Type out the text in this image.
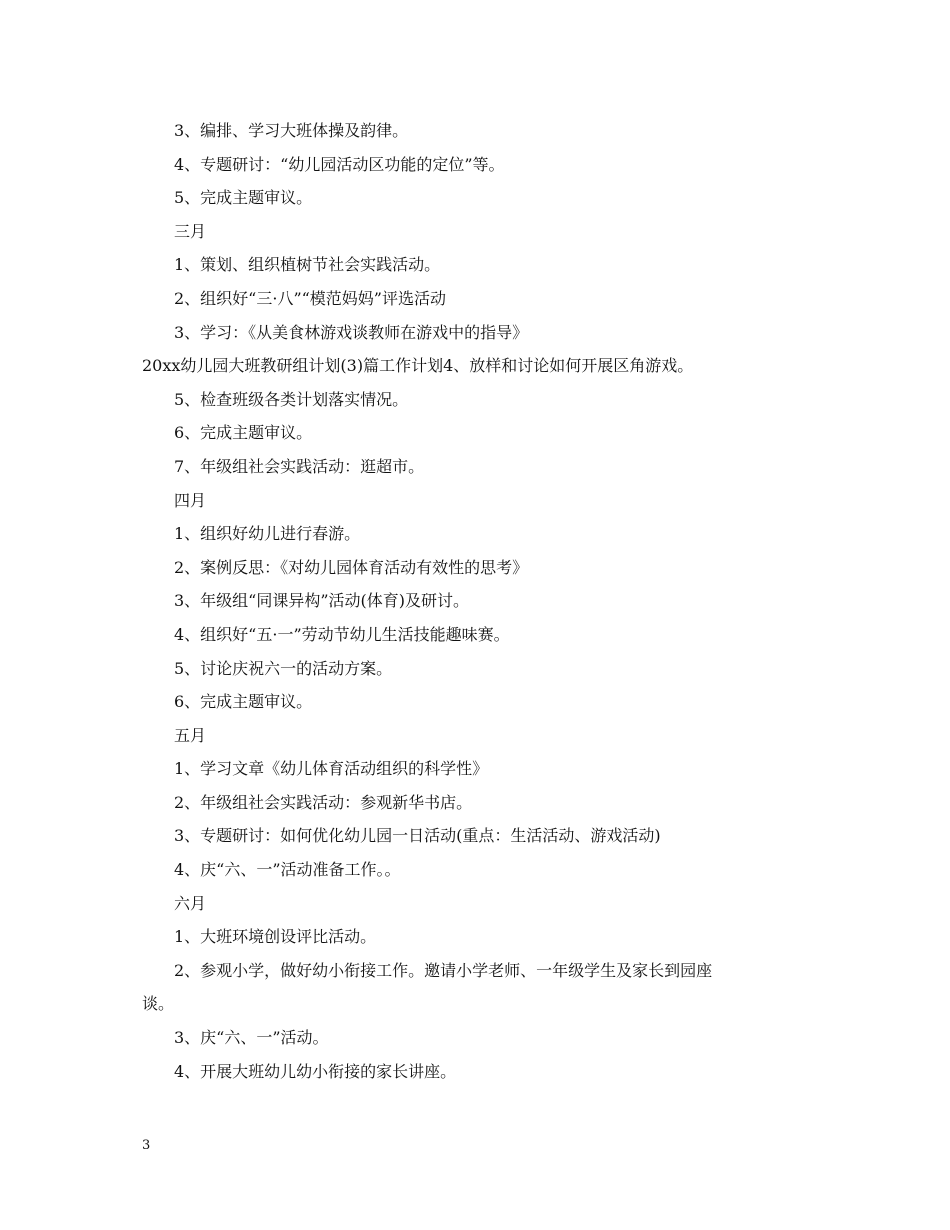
3、编排、学习大班体操及韵律。
4、专题研讨：“幼儿园活动区功能的定位”等。
5、完成主题审议。
三月
1、策划、组织植树节社会实践活动。
2、组织好“三·八”“模范妈妈”评选活动
3、学习：《从美食林游戏谈教师在游戏中的指导》
20xx幼儿园大班教研组计划(3)篇工作计划4、放样和讨论如何开展区角游戏。
5、检查班级各类计划落实情况。
6、完成主题审议。
7、年级组社会实践活动：逛超市。
四月
1、组织好幼儿进行春游。
2、案例反思：《对幼儿园体育活动有效性的思考》
3、年级组“同课异构”活动(体育)及研讨。
4、组织好“五·一”劳动节幼儿生活技能趣味赛。
5、讨论庆祝六一的活动方案。
6、完成主题审议。
五月
1、学习文章《幼儿体育活动组织的科学性》
2、年级组社会实践活动：参观新华书店。
3、专题研讨：如何优化幼儿园一日活动(重点：生活活动、游戏活动)
4、庆“六、一”活动准备工作。。
六月
1、大班环境创设评比活动。
2、参观小学，做好幼小衔接工作。邀请小学老师、一年级学生及家长到园座
谈。
3、庆“六、一”活动。
4、开展大班幼儿幼小衔接的家长讲座。
3
